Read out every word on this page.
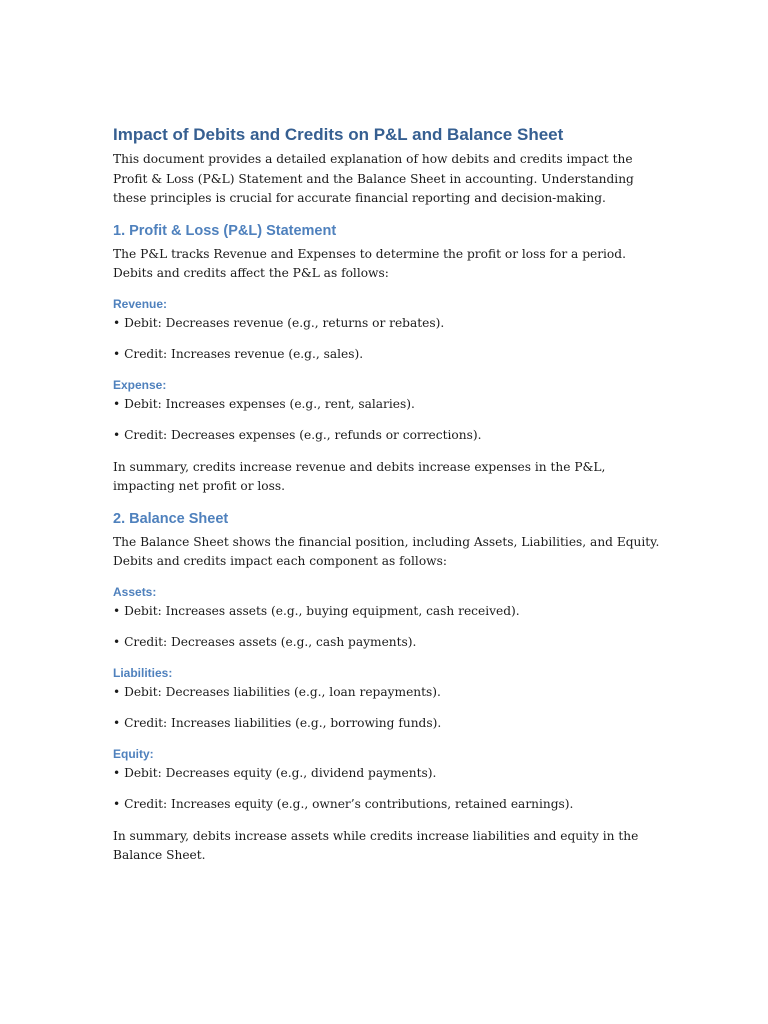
Impact of Debits and Credits on P&L and Balance Sheet

This document provides a detailed explanation of how debits and credits impact the Profit & Loss (P&L) Statement and the Balance Sheet in accounting. Understanding these principles is crucial for accurate financial reporting and decision-making.

1. Profit & Loss (P&L) Statement

The P&L tracks Revenue and Expenses to determine the profit or loss for a period. Debits and credits affect the P&L as follows:

Revenue:

• Debit: Decreases revenue (e.g., returns or rebates).

• Credit: Increases revenue (e.g., sales).

Expense:

• Debit: Increases expenses (e.g., rent, salaries).

• Credit: Decreases expenses (e.g., refunds or corrections).

In summary, credits increase revenue and debits increase expenses in the P&L, impacting net profit or loss.

2. Balance Sheet

The Balance Sheet shows the financial position, including Assets, Liabilities, and Equity. Debits and credits impact each component as follows:

Assets:

• Debit: Increases assets (e.g., buying equipment, cash received).

• Credit: Decreases assets (e.g., cash payments).

Liabilities:

• Debit: Decreases liabilities (e.g., loan repayments).

• Credit: Increases liabilities (e.g., borrowing funds).

Equity:

• Debit: Decreases equity (e.g., dividend payments).

• Credit: Increases equity (e.g., owner’s contributions, retained earnings).

In summary, debits increase assets while credits increase liabilities and equity in the Balance Sheet.
